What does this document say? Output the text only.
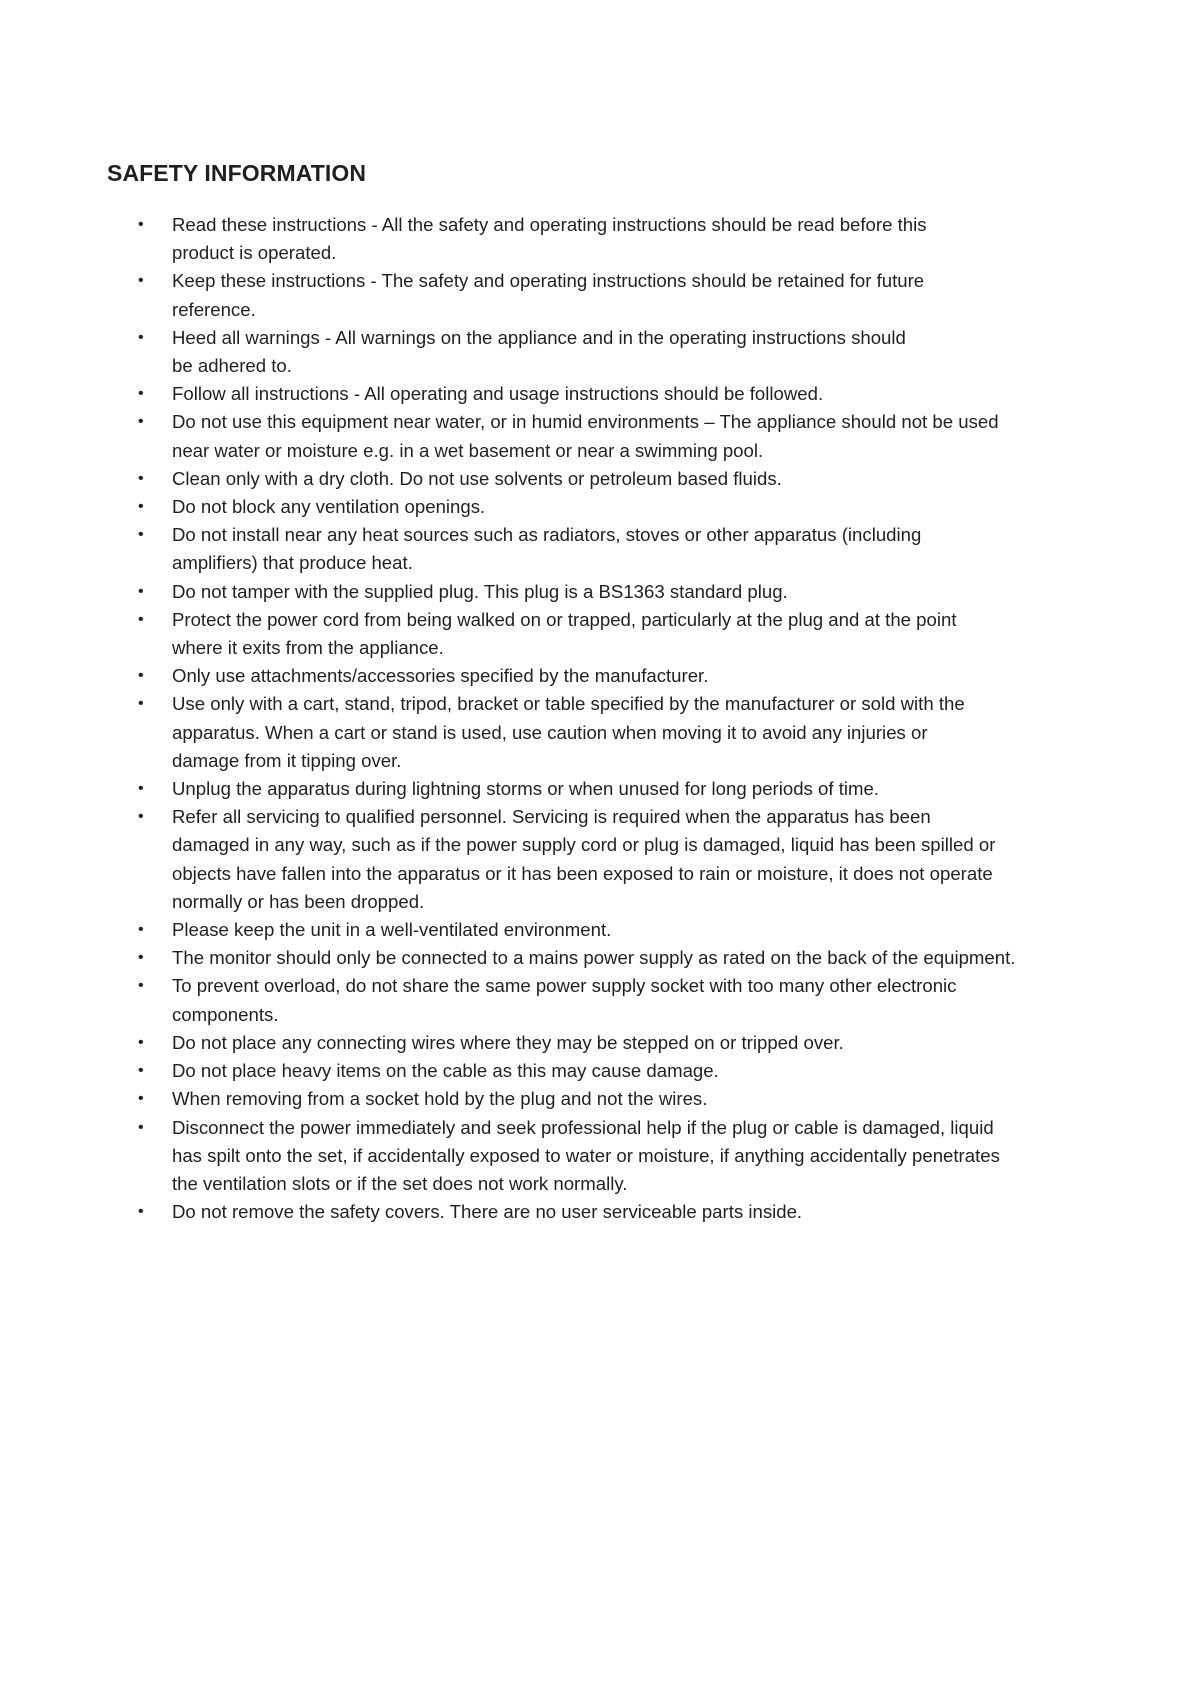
SAFETY INFORMATION
• Read these instructions - All the safety and operating instructions should be read before this
product is operated.
• Keep these instructions - The safety and operating instructions should be retained for future
reference.
• Heed all warnings - All warnings on the appliance and in the operating instructions should
be adhered to.
• Follow all instructions - All operating and usage instructions should be followed.
• Do not use this equipment near water, or in humid environments – The appliance should not be used
near water or moisture e.g. in a wet basement or near a swimming pool.
• Clean only with a dry cloth. Do not use solvents or petroleum based fluids.
• Do not block any ventilation openings.
• Do not install near any heat sources such as radiators, stoves or other apparatus (including
amplifiers) that produce heat.
• Do not tamper with the supplied plug. This plug is a BS1363 standard plug.
• Protect the power cord from being walked on or trapped, particularly at the plug and at the point
where it exits from the appliance.
• Only use attachments/accessories specified by the manufacturer.
• Use only with a cart, stand, tripod, bracket or table specified by the manufacturer or sold with the
apparatus. When a cart or stand is used, use caution when moving it to avoid any injuries or
damage from it tipping over.
• Unplug the apparatus during lightning storms or when unused for long periods of time.
• Refer all servicing to qualified personnel. Servicing is required when the apparatus has been
damaged in any way, such as if the power supply cord or plug is damaged, liquid has been spilled or
objects have fallen into the apparatus or it has been exposed to rain or moisture, it does not operate
normally or has been dropped.
• Please keep the unit in a well-ventilated environment.
• The monitor should only be connected to a mains power supply as rated on the back of the equipment.
• To prevent overload, do not share the same power supply socket with too many other electronic
components.
• Do not place any connecting wires where they may be stepped on or tripped over.
• Do not place heavy items on the cable as this may cause damage.
• When removing from a socket hold by the plug and not the wires.
• Disconnect the power immediately and seek professional help if the plug or cable is damaged, liquid
has spilt onto the set, if accidentally exposed to water or moisture, if anything accidentally penetrates
the ventilation slots or if the set does not work normally.
• Do not remove the safety covers. There are no user serviceable parts inside.
